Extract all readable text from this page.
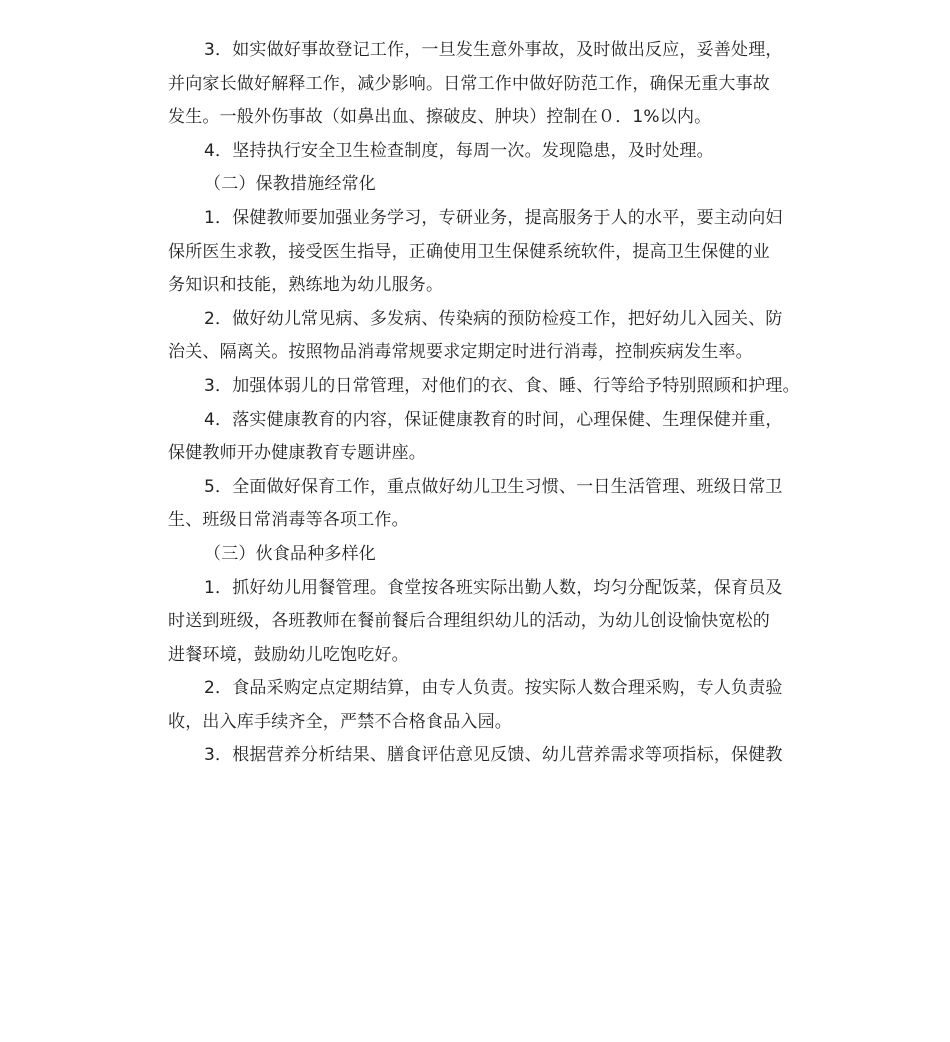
3．如实做好事故登记工作，一旦发生意外事故，及时做出反应，妥善处理，
并向家长做好解释工作，减少影响。日常工作中做好防范工作，确保无重大事故
发生。一般外伤事故（如鼻出血、擦破皮、肿块）控制在０．1%以内。
4．坚持执行安全卫生检查制度，每周一次。发现隐患，及时处理。
（二）保教措施经常化
1．保健教师要加强业务学习，专研业务，提高服务于人的水平，要主动向妇
保所医生求教，接受医生指导，正确使用卫生保健系统软件，提高卫生保健的业
务知识和技能，熟练地为幼儿服务。
2．做好幼儿常见病、多发病、传染病的预防检疫工作，把好幼儿入园关、防
治关、隔离关。按照物品消毒常规要求定期定时进行消毒，控制疾病发生率。
3．加强体弱儿的日常管理，对他们的衣、食、睡、行等给予特别照顾和护理。
4．落实健康教育的内容，保证健康教育的时间，心理保健、生理保健并重，
保健教师开办健康教育专题讲座。
5．全面做好保育工作，重点做好幼儿卫生习惯、一日生活管理、班级日常卫
生、班级日常消毒等各项工作。
（三）伙食品种多样化
1．抓好幼儿用餐管理。食堂按各班实际出勤人数，均匀分配饭菜，保育员及
时送到班级，各班教师在餐前餐后合理组织幼儿的活动，为幼儿创设愉快宽松的
进餐环境，鼓励幼儿吃饱吃好。
2．食品采购定点定期结算，由专人负责。按实际人数合理采购，专人负责验
收，出入库手续齐全，严禁不合格食品入园。
3．根据营养分析结果、膳食评估意见反馈、幼儿营养需求等项指标，保健教
